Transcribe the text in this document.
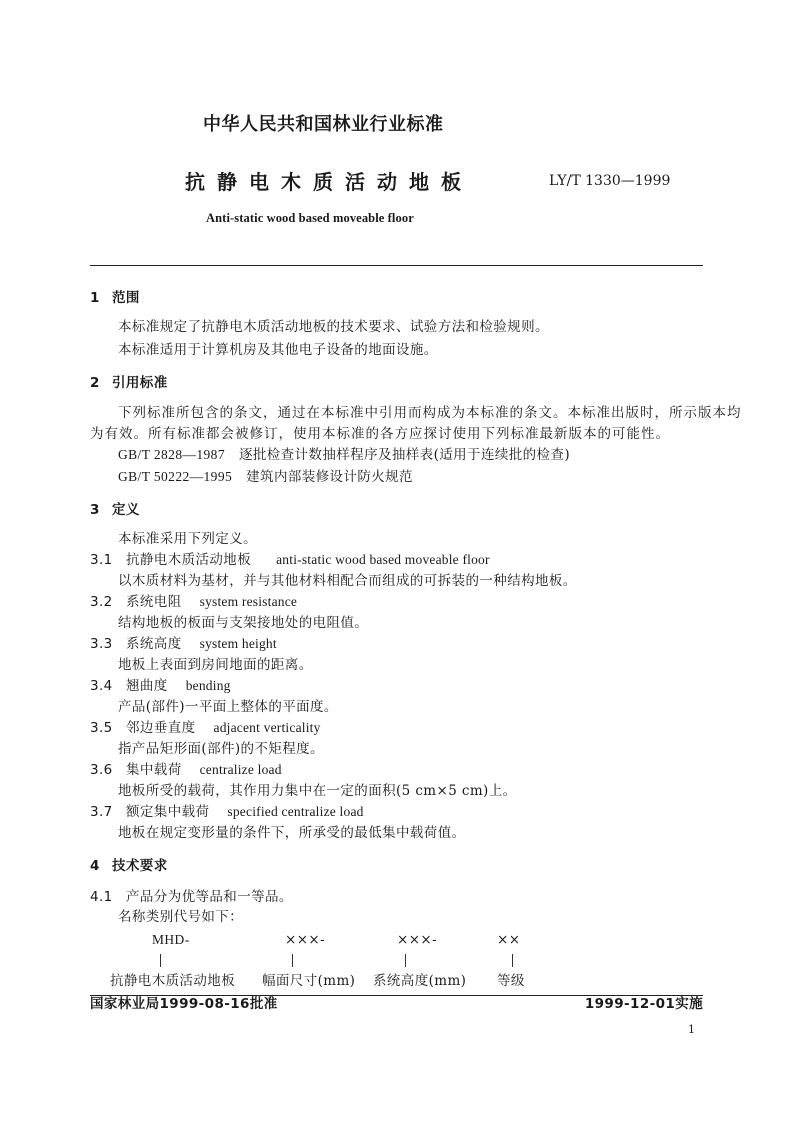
中华人民共和国林业行业标准
抗静电木质活动地板	LY/T 1330—1999
Anti-static wood based moveable floor
1 范围
本标准规定了抗静电木质活动地板的技术要求、试验方法和检验规则。
本标准适用于计算机房及其他电子设备的地面设施。
2 引用标准
下列标准所包含的条文，通过在本标准中引用而构成为本标准的条文。本标准出版时，所示版本均
为有效。所有标准都会被修订，使用本标准的各方应探讨使用下列标准最新版本的可能性。
GB/T 2828—1987 逐批检查计数抽样程序及抽样表(适用于连续批的检查)
GB/T 50222—1995 建筑内部装修设计防火规范
3 定义
本标准采用下列定义。
3.1 抗静电木质活动地板 anti-static wood based moveable floor
以木质材料为基材，并与其他材料相配合而组成的可拆装的一种结构地板。
3.2 系统电阻 system resistance
结构地板的板面与支架接地处的电阻值。
3.3 系统高度 system height
地板上表面到房间地面的距离。
3.4 翘曲度 bending
产品(部件)一平面上整体的平面度。
3.5 邻边垂直度 adjacent verticality
指产品矩形面(部件)的不矩程度。
3.6 集中载荷 centralize load
地板所受的载荷，其作用力集中在一定的面积(5 cm×5 cm)上。
3.7 额定集中载荷 specified centralize load
地板在规定变形量的条件下，所承受的最低集中载荷值。
4 技术要求
4.1 产品分为优等品和一等品。
名称类别代号如下：
MHD-	×××-	×××-	××
抗静电木质活动地板 幅面尺寸(mm) 系统高度(mm) 等级
国家林业局1999-08-16批准	1999-12-01实施
1
